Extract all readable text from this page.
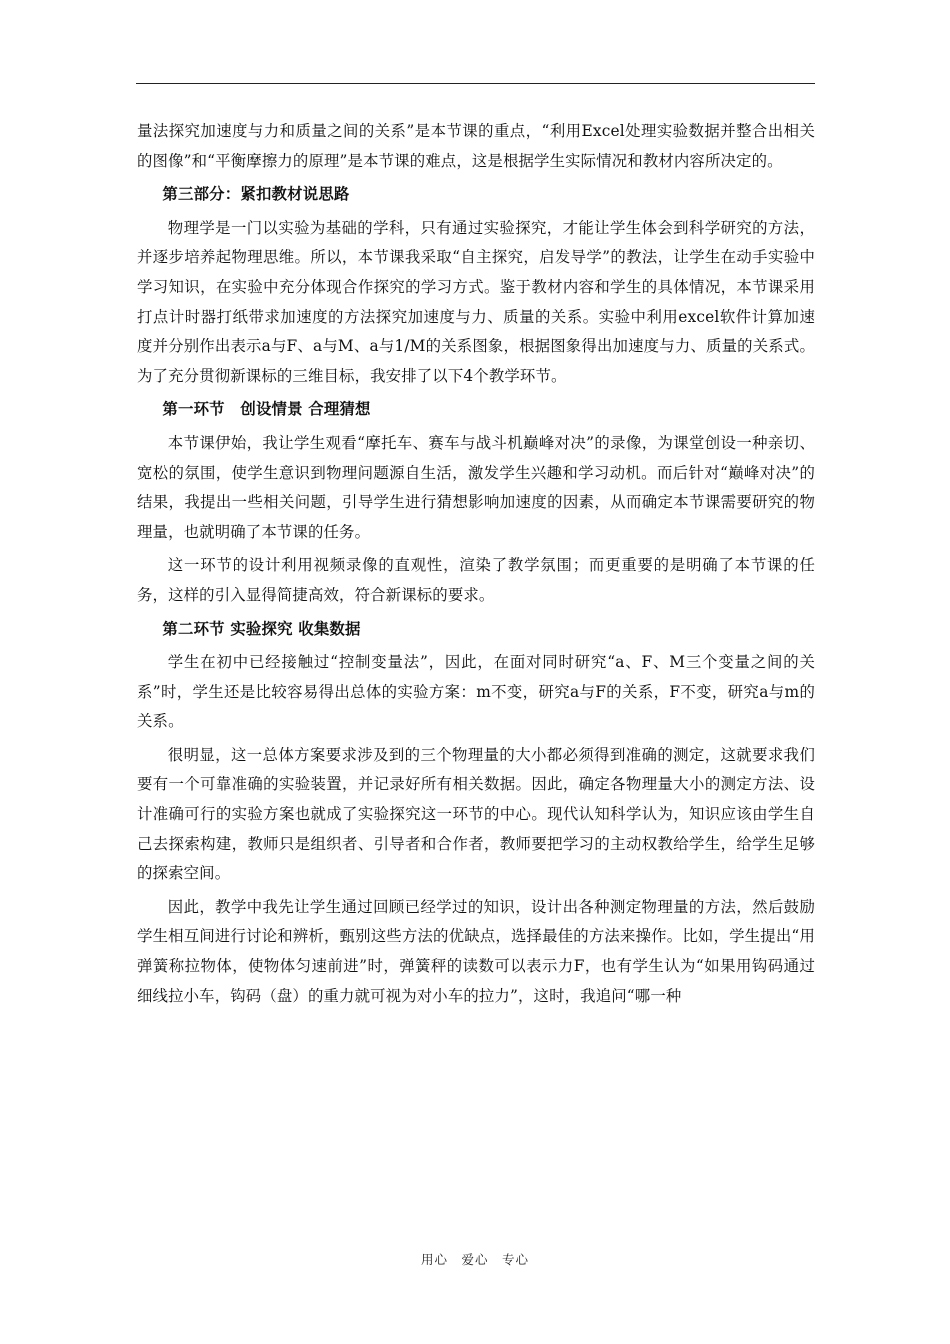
量法探究加速度与力和质量之间的关系”是本节课的重点，“利用Excel处理实验数据并整合出相关的图像”和“平衡摩擦力的原理”是本节课的难点，这是根据学生实际情况和教材内容所决定的。

第三部分：紧扣教材说思路

物理学是一门以实验为基础的学科，只有通过实验探究，才能让学生体会到科学研究的方法，并逐步培养起物理思维。所以，本节课我采取“自主探究，启发导学”的教法，让学生在动手实验中学习知识，在实验中充分体现合作探究的学习方式。鉴于教材内容和学生的具体情况，本节课采用打点计时器打纸带求加速度的方法探究加速度与力、质量的关系。实验中利用excel软件计算加速度并分别作出表示a与F、a与M、a与1/M的关系图象，根据图象得出加速度与力、质量的关系式。为了充分贯彻新课标的三维目标，我安排了以下4个教学环节。

第一环节　创设情景 合理猜想

本节课伊始，我让学生观看“摩托车、赛车与战斗机巅峰对决”的录像，为课堂创设一种亲切、宽松的氛围，使学生意识到物理问题源自生活，激发学生兴趣和学习动机。而后针对“巅峰对决”的结果，我提出一些相关问题，引导学生进行猜想影响加速度的因素，从而确定本节课需要研究的物理量，也就明确了本节课的任务。

这一环节的设计利用视频录像的直观性，渲染了教学氛围；而更重要的是明确了本节课的任务，这样的引入显得简捷高效，符合新课标的要求。

第二环节 实验探究 收集数据

学生在初中已经接触过“控制变量法”，因此，在面对同时研究“a、F、M三个变量之间的关系”时，学生还是比较容易得出总体的实验方案：m不变，研究a与F的关系，F不变，研究a与m的关系。

很明显，这一总体方案要求涉及到的三个物理量的大小都必须得到准确的测定，这就要求我们要有一个可靠准确的实验装置，并记录好所有相关数据。因此，确定各物理量大小的测定方法、设计准确可行的实验方案也就成了实验探究这一环节的中心。现代认知科学认为，知识应该由学生自己去探索构建，教师只是组织者、引导者和合作者，教师要把学习的主动权教给学生，给学生足够的探索空间。

因此，教学中我先让学生通过回顾已经学过的知识，设计出各种测定物理量的方法，然后鼓励学生相互间进行讨论和辨析，甄别这些方法的优缺点，选择最佳的方法来操作。比如，学生提出“用弹簧称拉物体，使物体匀速前进”时，弹簧秤的读数可以表示力F，也有学生认为“如果用钩码通过细线拉小车，钩码（盘）的重力就可视为对小车的拉力”，这时，我追问“哪一种

用心　爱心　专心
